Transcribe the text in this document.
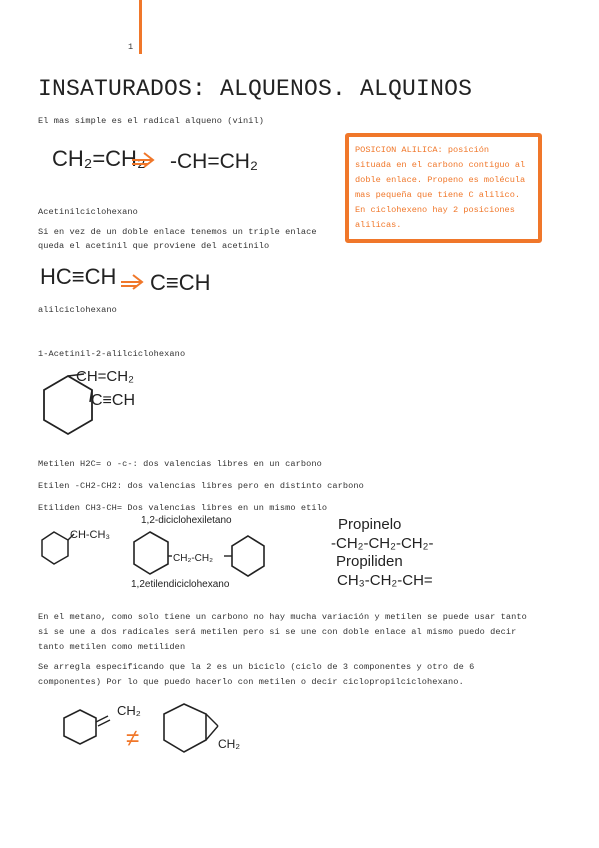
1
INSATURADOS: ALQUENOS. ALQUINOS
El mas simple es el radical alqueno (vinil)
CH₂=CH₂ -CH=CH₂	POSICION ALILICA: posición situada en el carbono contiguo al doble enlace. Propeno es molécula mas pequeña que tiene C alilico. En ciclohexeno hay 2 posiciones alilicas.
Acetinilciclohexano
Si en vez de un doble enlace tenemos un triple enlace
queda el acetinil que proviene del acetinilo
HC≡CH C≡CH
alilciclohexano
1-Acetinil-2-alilciclohexano
CH=CH₂
C≡CH
Metilen H2C= o -c-: dos valencias libres en un carbono
Etilen -CH2-CH2: dos valencias libres pero en distinto carbono
Etiliden CH3-CH= Dos valencias libres en un mismo etilo
CH-CH₃
1,2-diciclohexiletano
CH₂-CH₂
1,2etilendiciclohexano
Propinelo
-CH₂-CH₂-CH₂-
Propiliden
CH₃-CH₂-CH=
En el metano, como solo tiene un carbono no hay mucha variación y metilen se puede usar tanto
si se une a dos radicales será metilen pero si se une con doble enlace al mismo puedo decir
tanto metilen como metiliden
Se arregla especificando que la 2 es un biciclo (ciclo de 3 componentes y otro de 6
componentes) Por lo que puedo hacerlo con metilen o decir ciclopropilciclohexano.
CH₂
≠	CH₂
